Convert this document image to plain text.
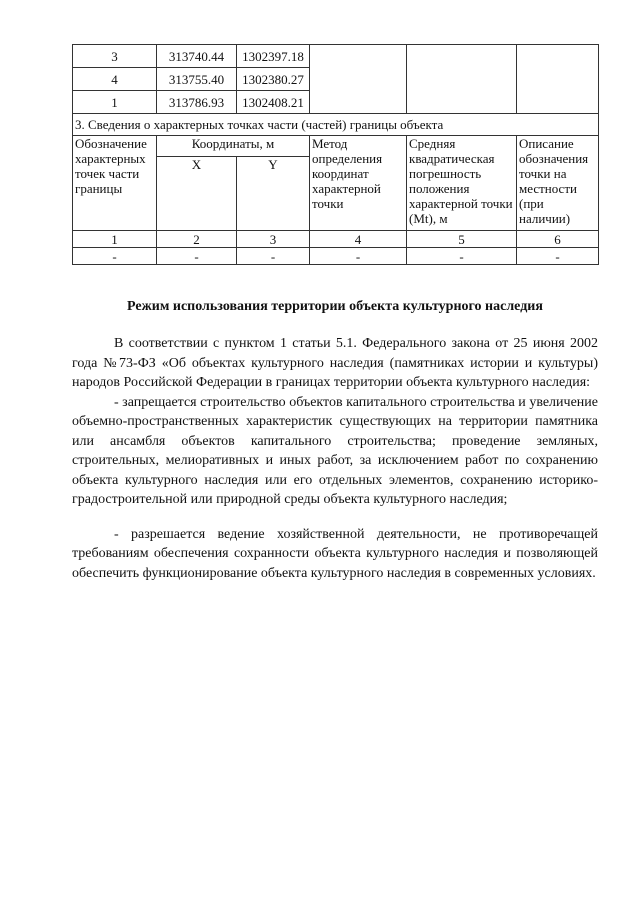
3	313740.44	1302397.18			
4	313755.40	1302380.27			
1	313786.93	1302408.21			
3. Сведения о характерных точках части (частей) границы объекта					
Обозначение характерных точек части границы	Координаты, м		Метод определения координат характерной точки	Средняя квадратическая погрешность положения характерной точки (Mt), м	Описание обозначения точки на местности (при наличии)
	X	Y			
1	2	3	4	5	6
-	-	-	-	-	-
Режим использования территории объекта культурного наследия

В соответствии с пунктом 1 статьи 5.1. Федерального закона от 25 июня 2002 года №73-ФЗ «Об объектах культурного наследия (памятниках истории и культуры) народов Российской Федерации в границах территории объекта культурного наследия:

- запрещается строительство объектов капитального строительства и увеличение объемно-пространственных характеристик существующих на территории памятника или ансамбля объектов капитального строительства; проведение земляных, строительных, мелиоративных и иных работ, за исключением работ по сохранению объекта культурного наследия или его отдельных элементов, сохранению историко-градостроительной или природной среды объекта культурного наследия;

- разрешается ведение хозяйственной деятельности, не противоречащей требованиям обеспечения сохранности объекта культурного наследия и позволяющей обеспечить функционирование объекта культурного наследия в современных условиях.
